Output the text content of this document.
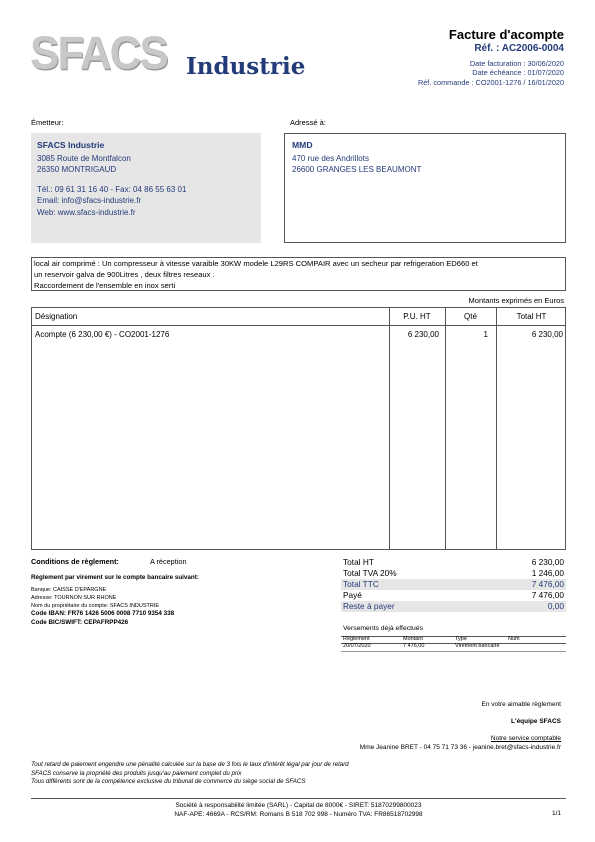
SFACS Industrie
Facture d'acompte
Réf. : AC2006-0004
Date facturation : 30/06/2020
Date échéance : 01/07/2020
Réf. commande : CO2001-1276 / 16/01/2020
Émetteur:
SFACS Industrie
3085 Route de Montfalcon
26350 MONTRIGAUD
Tél.: 09 61 31 16 40 - Fax: 04 86 55 63 01
Email: info@sfacs-industrie.fr
Web: www.sfacs-industrie.fr
Adressé à:
MMD
470 rue des Andrillots
26600 GRANGES LES BEAUMONT
local air comprimé : Un compresseur à vitesse varaible 30KW modele L29RS COMPAIR avec un secheur par refrigeration ED660 et
un reservoir galva de 900Litres , deux filtres reseaux .
Raccordement de l'ensemble en inox serti
Montants exprimés en Euros
Désignation	P.U. HT	Qté	Total HT
Acompte (6 230,00 €) - CO2001-1276	6 230,00	1	6 230,00
Conditions de règlement:	A réception
Règlement par virement sur le compte bancaire suivant:
Banque: CAISSE D'EPARGNE
Adresse: TOURNON SUR RHONE
Nom du propriétaire du compte: SFACS INDUSTRIE
Code IBAN: FR76 1426 5006 0008 7710 9354 338
Code BIC/SWIFT: CEPAFRPP426
Total HT	6 230,00
Total TVA 20%	1 246,00
Total TTC	7 476,00
Payé	7 476,00
Reste à payer	0,00
Versements déjà effectués
Règlement	Montant	Type	Num
20/07/2020	7 476,00	Virement bancaire
En votre aimable règlement
L'équipe SFACS
Notre service comptable
Mme Jeanine BRET - 04 75 71 73 36 - jeanine.bret@sfacs-industrie.fr
Tout retard de paiement engendre une pénalité calculée sur la base de 3 fois le taux d'intérêt légal par jour de retard
SFACS conserve la propriété des produits jusqu'au paiement complet du prix
Tous différents sont de la compétence exclusive du tribunal de commerce du siège social de SFACS
Société à responsabilité limitée (SARL) - Capital de 8000€ - SIRET: 51870299800023
NAF-APE: 4669A - RCS/RM: Romans B 518 702 998 - Numéro TVA: FR86518702998	1/1
